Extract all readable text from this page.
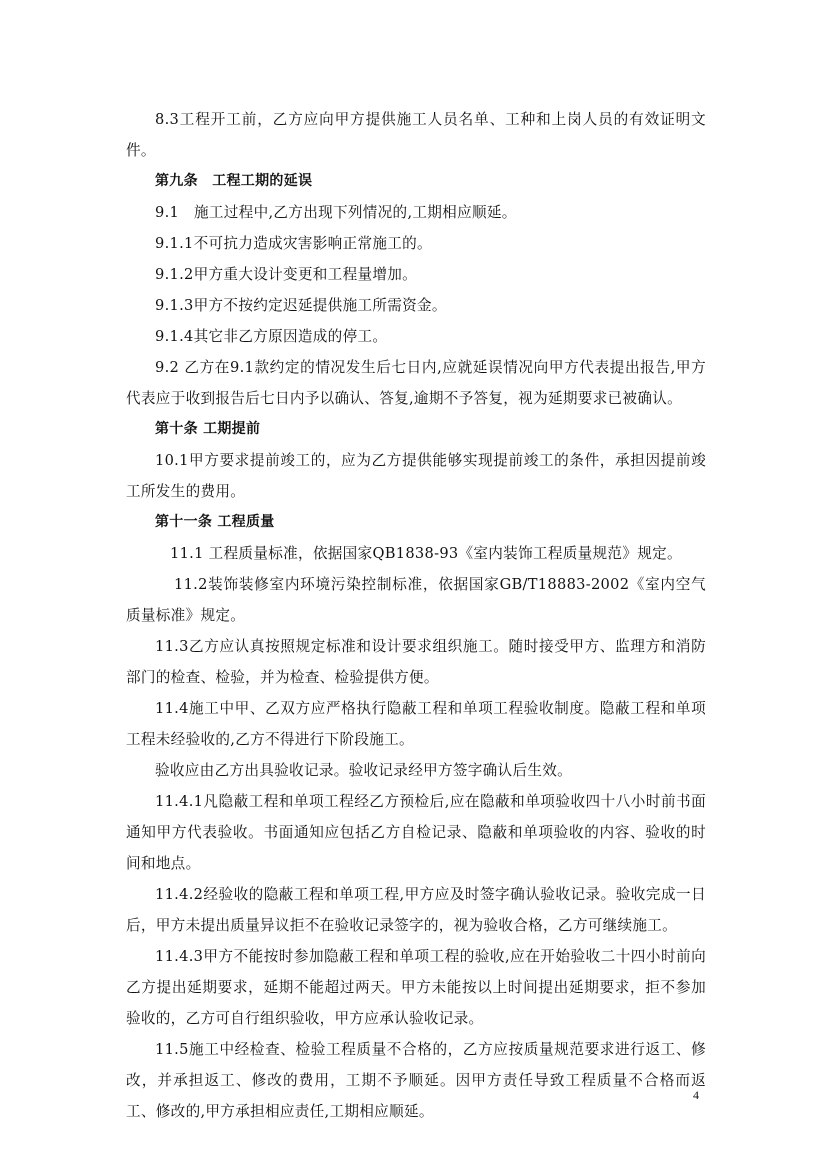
8.3工程开工前，乙方应向甲方提供施工人员名单、工种和上岗人员的有效证明文件。

第九条　工程工期的延误

9.1　施工过程中,乙方出现下列情况的,工期相应顺延。

9.1.1不可抗力造成灾害影响正常施工的。

9.1.2甲方重大设计变更和工程量增加。

9.1.3甲方不按约定迟延提供施工所需资金。

9.1.4其它非乙方原因造成的停工。

9.2 乙方在9.1款约定的情况发生后七日内,应就延误情况向甲方代表提出报告,甲方代表应于收到报告后七日内予以确认、答复,逾期不予答复，视为延期要求已被确认。

第十条 工期提前

10.1甲方要求提前竣工的，应为乙方提供能够实现提前竣工的条件，承担因提前竣工所发生的费用。

第十一条 工程质量

11.1 工程质量标准，依据国家QB1838-93《室内装饰工程质量规范》规定。

11.2装饰装修室内环境污染控制标准，依据国家GB/T18883-2002《室内空气质量标准》规定。

11.3乙方应认真按照规定标准和设计要求组织施工。随时接受甲方、监理方和消防部门的检查、检验，并为检查、检验提供方便。

11.4施工中甲、乙双方应严格执行隐蔽工程和单项工程验收制度。隐蔽工程和单项工程未经验收的,乙方不得进行下阶段施工。

验收应由乙方出具验收记录。验收记录经甲方签字确认后生效。

11.4.1凡隐蔽工程和单项工程经乙方预检后,应在隐蔽和单项验收四十八小时前书面通知甲方代表验收。书面通知应包括乙方自检记录、隐蔽和单项验收的内容、验收的时间和地点。

11.4.2经验收的隐蔽工程和单项工程,甲方应及时签字确认验收记录。验收完成一日后，甲方未提出质量异议拒不在验收记录签字的，视为验收合格，乙方可继续施工。

11.4.3甲方不能按时参加隐蔽工程和单项工程的验收,应在开始验收二十四小时前向乙方提出延期要求，延期不能超过两天。甲方未能按以上时间提出延期要求，拒不参加验收的，乙方可自行组织验收，甲方应承认验收记录。

11.5施工中经检查、检验工程质量不合格的，乙方应按质量规范要求进行返工、修改，并承担返工、修改的费用，工期不予顺延。因甲方责任导致工程质量不合格而返工、修改的,甲方承担相应责任,工期相应顺延。

4
